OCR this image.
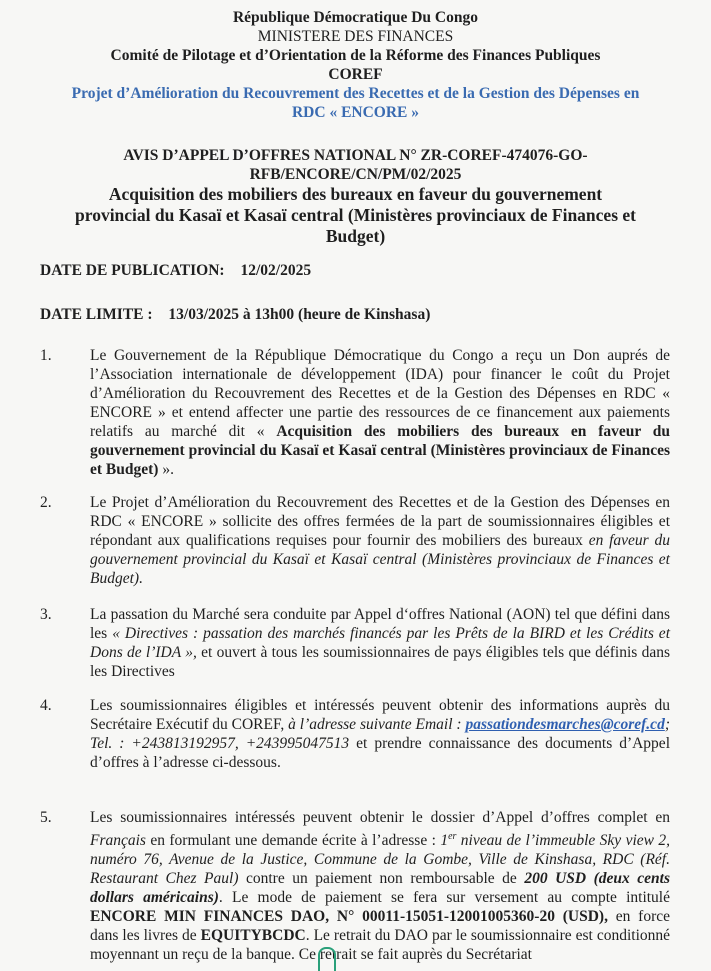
République Démocratique Du Congo
MINISTERE DES FINANCES
Comité de Pilotage et d’Orientation de la Réforme des Finances Publiques
COREF
Projet d’Amélioration du Recouvrement des Recettes et de la Gestion des Dépenses en
RDC « ENCORE »
AVIS D’APPEL D’OFFRES NATIONAL N° ZR-COREF-474076-GO-
RFB/ENCORE/CN/PM/02/2025
Acquisition des mobiliers des bureaux en faveur du gouvernement
provincial du Kasaï et Kasaï central (Ministères provinciaux de Finances et
Budget)
DATE DE PUBLICATION: 12/02/2025
DATE LIMITE : 13/03/2025 à 13h00 (heure de Kinshasa)
1. Le Gouvernement de la République Démocratique du Congo a reçu un Don auprés de l’Association internationale de développement (IDA) pour financer le coût du Projet d’Amélioration du Recouvrement des Recettes et de la Gestion des Dépenses en RDC « ENCORE » et entend affecter une partie des ressources de ce financement aux paiements relatifs au marché dit « Acquisition des mobiliers des bureaux en faveur du gouvernement provincial du Kasaï et Kasaï central (Ministères provinciaux de Finances et Budget) ».
2. Le Projet d’Amélioration du Recouvrement des Recettes et de la Gestion des Dépenses en RDC « ENCORE » sollicite des offres fermées de la part de soumissionnaires éligibles et répondant aux qualifications requises pour fournir des mobiliers des bureaux en faveur du gouvernement provincial du Kasaï et Kasaï central (Ministères provinciaux de Finances et Budget).
3. La passation du Marché sera conduite par Appel d‘offres National (AON) tel que défini dans les « Directives : passation des marchés financés par les Prêts de la BIRD et les Crédits et Dons de l’IDA », et ouvert à tous les soumissionnaires de pays éligibles tels que définis dans les Directives
4. Les soumissionnaires éligibles et intéressés peuvent obtenir des informations auprès du Secrétaire Exécutif du COREF, à l’adresse suivante Email : passationdesmarches@coref.cd; Tel. : +243813192957, +243995047513 et prendre connaissance des documents d’Appel d’offres à l’adresse ci-dessous.
5. Les soumissionnaires intéressés peuvent obtenir le dossier d’Appel d’offres complet en Français en formulant une demande écrite à l’adresse : 1er niveau de l’immeuble Sky view 2, numéro 76, Avenue de la Justice, Commune de la Gombe, Ville de Kinshasa, RDC (Réf. Restaurant Chez Paul) contre un paiement non remboursable de 200 USD (deux cents dollars américains). Le mode de paiement se fera sur versement au compte intitulé ENCORE MIN FINANCES DAO, N° 00011-15051-12001005360-20 (USD), en force dans les livres de EQUITYBCDC. Le retrait du DAO par le soumissionnaire est conditionné moyennant un reçu de la banque. Ce retrait se fait auprès du Secrétariat
